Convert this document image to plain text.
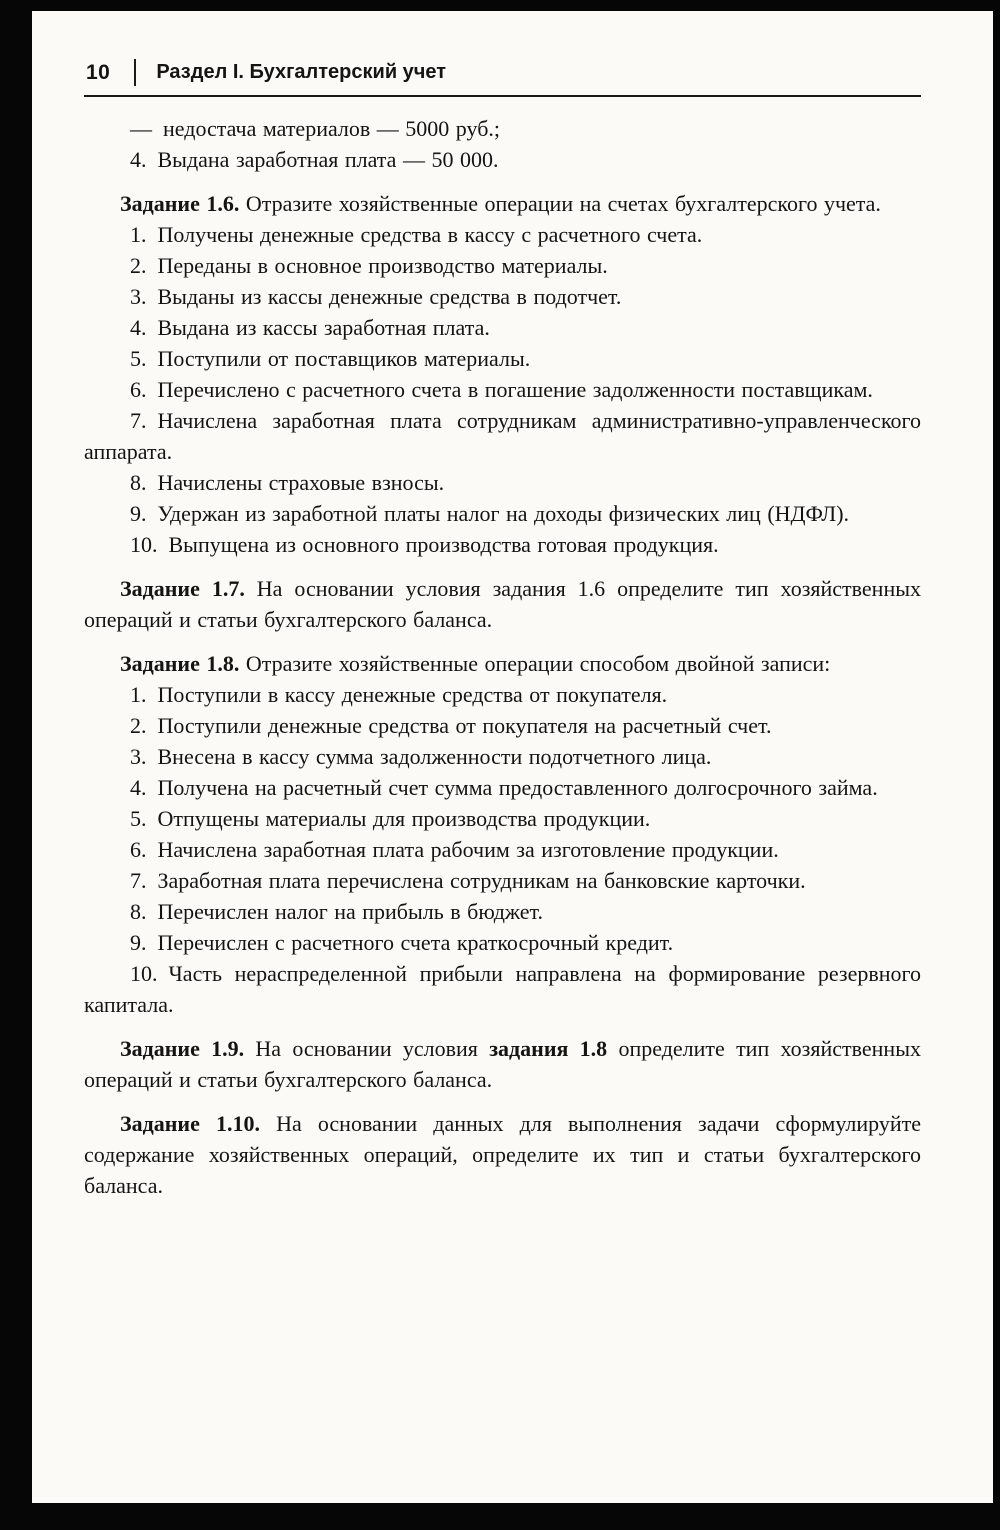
10 Раздел I. Бухгалтерский учет

— недостача материалов — 5000 руб.;

4. Выдана заработная плата — 50 000.

Задание 1.6. Отразите хозяйственные операции на счетах бухгалтерского учета.

1. Получены денежные средства в кассу с расчетного счета.

2. Переданы в основное производство материалы.

3. Выданы из кассы денежные средства в подотчет.

4. Выдана из кассы заработная плата.

5. Поступили от поставщиков материалы.

6. Перечислено с расчетного счета в погашение задолженности поставщикам.

7. Начислена заработная плата сотрудникам административно-управленческого аппарата.

8. Начислены страховые взносы.

9. Удержан из заработной платы налог на доходы физических лиц (НДФЛ).

10. Выпущена из основного производства готовая продукция.

Задание 1.7. На основании условия задания 1.6 определите тип хозяйственных операций и статьи бухгалтерского баланса.

Задание 1.8. Отразите хозяйственные операции способом двойной записи:

1. Поступили в кассу денежные средства от покупателя.

2. Поступили денежные средства от покупателя на расчетный счет.

3. Внесена в кассу сумма задолженности подотчетного лица.

4. Получена на расчетный счет сумма предоставленного долгосрочного займа.

5. Отпущены материалы для производства продукции.

6. Начислена заработная плата рабочим за изготовление продукции.

7. Заработная плата перечислена сотрудникам на банковские карточки.

8. Перечислен налог на прибыль в бюджет.

9. Перечислен с расчетного счета краткосрочный кредит.

10. Часть нераспределенной прибыли направлена на формирование резервного капитала.

Задание 1.9. На основании условия задания 1.8 определите тип хозяйственных операций и статьи бухгалтерского баланса.

Задание 1.10. На основании данных для выполнения задачи сформулируйте содержание хозяйственных операций, определите их тип и статьи бухгалтерского баланса.
